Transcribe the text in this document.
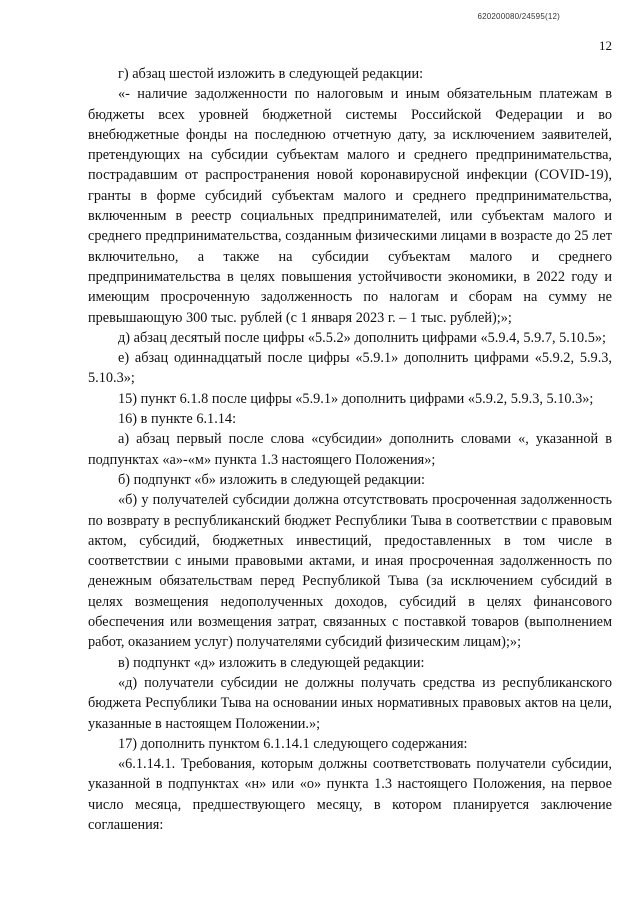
620200080/24595(12)
12

г) абзац шестой изложить в следующей редакции:

«- наличие задолженности по налоговым и иным обязательным платежам в бюджеты всех уровней бюджетной системы Российской Федерации и во внебюджетные фонды на последнюю отчетную дату, за исключением заявителей, претендующих на субсидии субъектам малого и среднего предпринимательства, пострадавшим от распространения новой коронавирусной инфекции (COVID-19), гранты в форме субсидий субъектам малого и среднего предпринимательства, включенным в реестр социальных предпринимателей, или субъектам малого и среднего предпринимательства, созданным физическими лицами в возрасте до 25 лет включительно, а также на субсидии субъектам малого и среднего предпринимательства в целях повышения устойчивости экономики, в 2022 году и имеющим просроченную задолженность по налогам и сборам на сумму не превышающую 300 тыс. рублей (с 1 января 2023 г. – 1 тыс. рублей);»;

д) абзац десятый после цифры «5.5.2» дополнить цифрами «5.9.4, 5.9.7, 5.10.5»;

е) абзац одиннадцатый после цифры «5.9.1» дополнить цифрами «5.9.2, 5.9.3, 5.10.3»;

15) пункт 6.1.8 после цифры «5.9.1» дополнить цифрами «5.9.2, 5.9.3, 5.10.3»;

16) в пункте 6.1.14:

а) абзац первый после слова «субсидии» дополнить словами «, указанной в подпунктах «а»-«м» пункта 1.3 настоящего Положения»;

б) подпункт «б» изложить в следующей редакции:

«б) у получателей субсидии должна отсутствовать просроченная задолженность по возврату в республиканский бюджет Республики Тыва в соответствии с правовым актом, субсидий, бюджетных инвестиций, предоставленных в том числе в соответствии с иными правовыми актами, и иная просроченная задолженность по денежным обязательствам перед Республикой Тыва (за исключением субсидий в целях возмещения недополученных доходов, субсидий в целях финансового обеспечения или возмещения затрат, связанных с поставкой товаров (выполнением работ, оказанием услуг) получателями субсидий физическим лицам);»;

в) подпункт «д» изложить в следующей редакции:

«д) получатели субсидии не должны получать средства из республиканского бюджета Республики Тыва на основании иных нормативных правовых актов на цели, указанные в настоящем Положении.»;

17) дополнить пунктом 6.1.14.1 следующего содержания:

«6.1.14.1. Требования, которым должны соответствовать получатели субсидии, указанной в подпунктах «н» или «о» пункта 1.3 настоящего Положения, на первое число месяца, предшествующего месяцу, в котором планируется заключение соглашения:
